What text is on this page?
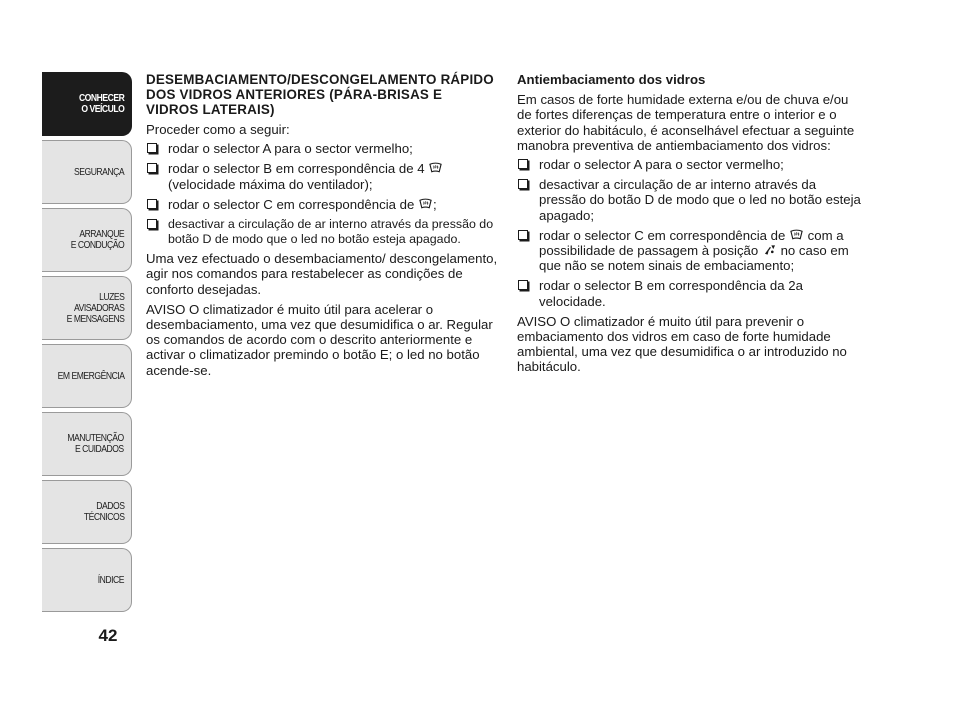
CONHECER
O VEÍCULO
SEGURANÇA
ARRANQUE
E CONDUÇÃO
LUZES
AVISADORAS
E MENSAGENS
EM EMERGÊNCIA
MANUTENÇÃO
E CUIDADOS
DADOS
TÉCNICOS
ÍNDICE
42
DESEMBACIAMENTO/DESCONGELAMENTO RÁPIDO DOS VIDROS ANTERIORES (PÁRA-BRISAS E VIDROS LATERAIS)
Proceder como a seguir:
rodar o selector A para o sector vermelho;
rodar o selector B em correspondência de 4
(velocidade máxima do ventilador);
rodar o selector C em correspondência de ;
desactivar a circulação de ar interno através da pressão do botão D de modo que o led no botão esteja apagado.
Uma vez efectuado o desembaciamento/ descongelamento, agir nos comandos para restabelecer as condições de conforto desejadas.
AVISO O climatizador é muito útil para acelerar o desembaciamento, uma vez que desumidifica o ar. Regular os comandos de acordo com o descrito anteriormente e activar o climatizador premindo o botão E; o led no botão acende-se.
Antiembaciamento dos vidros
Em casos de forte humidade externa e/ou de chuva e/ou de fortes diferenças de temperatura entre o interior e o exterior do habitáculo, é aconselhável efectuar a seguinte manobra preventiva de antiembaciamento dos vidros:
rodar o selector A para o sector vermelho;
desactivar a circulação de ar interno através da pressão do botão D de modo que o led no botão esteja apagado;
rodar o selector C em correspondência de com a possibilidade de passagem à posição no caso em que não se notem sinais de embaciamento;
rodar o selector B em correspondência da 2a velocidade.
AVISO O climatizador é muito útil para prevenir o embaciamento dos vidros em caso de forte humidade ambiental, uma vez que desumidifica o ar introduzido no habitáculo.
